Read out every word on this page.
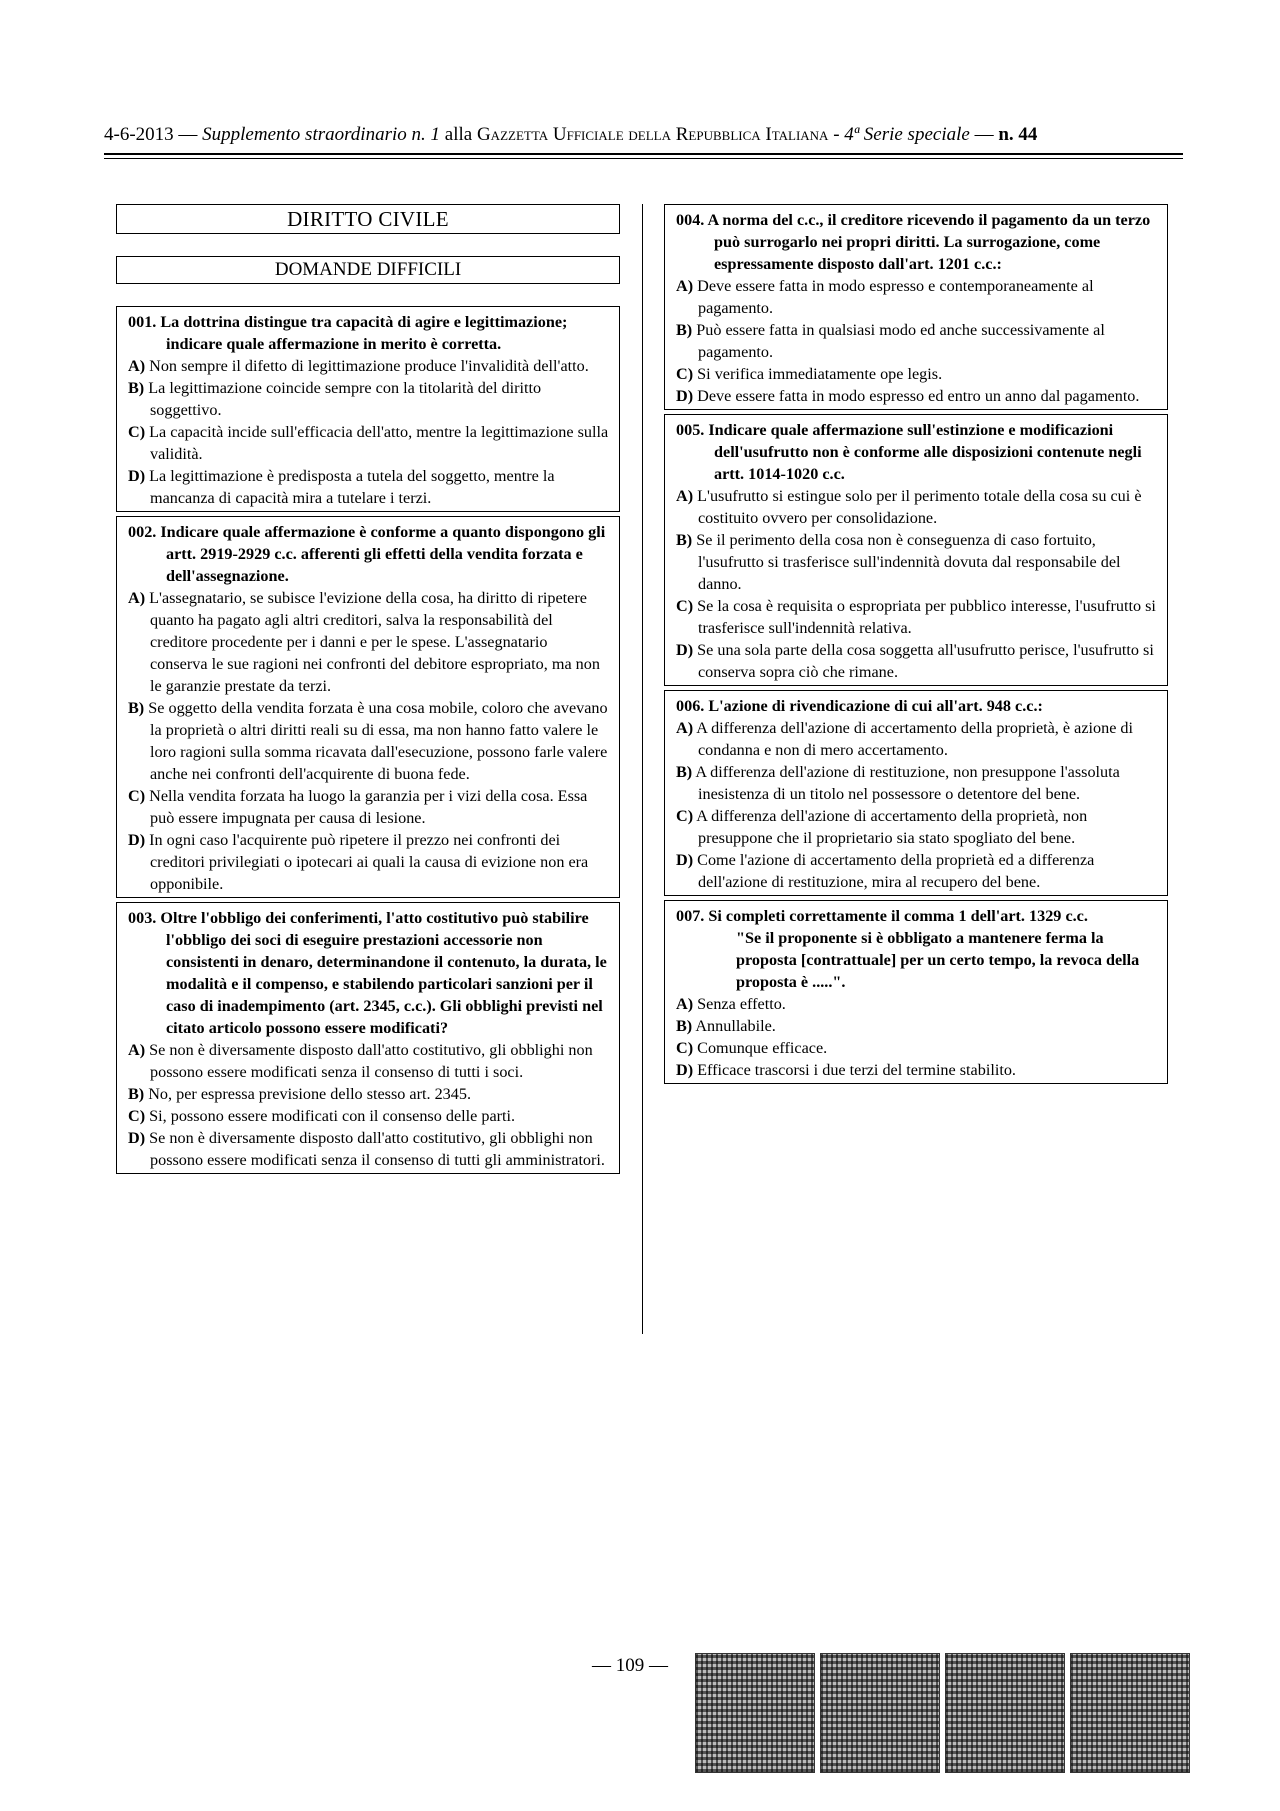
4-6-2013 — Supplemento straordinario n. 1 alla Gazzetta Ufficiale della Repubblica Italiana - 4ª Serie speciale — n. 44
DIRITTO CIVILE
DOMANDE DIFFICILI
001. La dottrina distingue tra capacità di agire e legittimazione; indicare quale affermazione in merito è corretta.
A) Non sempre il difetto di legittimazione produce l'invalidità dell'atto.
B) La legittimazione coincide sempre con la titolarità del diritto soggettivo.
C) La capacità incide sull'efficacia dell'atto, mentre la legittimazione sulla validità.
D) La legittimazione è predisposta a tutela del soggetto, mentre la mancanza di capacità mira a tutelare i terzi.
002. Indicare quale affermazione è conforme a quanto dispongono gli artt. 2919-2929 c.c. afferenti gli effetti della vendita forzata e dell'assegnazione.
A) L'assegnatario, se subisce l'evizione della cosa, ha diritto di ripetere quanto ha pagato agli altri creditori, salva la responsabilità del creditore procedente per i danni e per le spese. L'assegnatario conserva le sue ragioni nei confronti del debitore espropriato, ma non le garanzie prestate da terzi.
B) Se oggetto della vendita forzata è una cosa mobile, coloro che avevano la proprietà o altri diritti reali su di essa, ma non hanno fatto valere le loro ragioni sulla somma ricavata dall'esecuzione, possono farle valere anche nei confronti dell'acquirente di buona fede.
C) Nella vendita forzata ha luogo la garanzia per i vizi della cosa. Essa può essere impugnata per causa di lesione.
D) In ogni caso l'acquirente può ripetere il prezzo nei confronti dei creditori privilegiati o ipotecari ai quali la causa di evizione non era opponibile.
003. Oltre l'obbligo dei conferimenti, l'atto costitutivo può stabilire l'obbligo dei soci di eseguire prestazioni accessorie non consistenti in denaro, determinandone il contenuto, la durata, le modalità e il compenso, e stabilendo particolari sanzioni per il caso di inadempimento (art. 2345, c.c.). Gli obblighi previsti nel citato articolo possono essere modificati?
A) Se non è diversamente disposto dall'atto costitutivo, gli obblighi non possono essere modificati senza il consenso di tutti i soci.
B) No, per espressa previsione dello stesso art. 2345.
C) Si, possono essere modificati con il consenso delle parti.
D) Se non è diversamente disposto dall'atto costitutivo, gli obblighi non possono essere modificati senza il consenso di tutti gli amministratori.
004. A norma del c.c., il creditore ricevendo il pagamento da un terzo può surrogarlo nei propri diritti. La surrogazione, come espressamente disposto dall'art. 1201 c.c.:
A) Deve essere fatta in modo espresso e contemporaneamente al pagamento.
B) Può essere fatta in qualsiasi modo ed anche successivamente al pagamento.
C) Si verifica immediatamente ope legis.
D) Deve essere fatta in modo espresso ed entro un anno dal pagamento.
005. Indicare quale affermazione sull'estinzione e modificazioni dell'usufrutto non è conforme alle disposizioni contenute negli artt. 1014-1020 c.c.
A) L'usufrutto si estingue solo per il perimento totale della cosa su cui è costituito ovvero per consolidazione.
B) Se il perimento della cosa non è conseguenza di caso fortuito, l'usufrutto si trasferisce sull'indennità dovuta dal responsabile del danno.
C) Se la cosa è requisita o espropriata per pubblico interesse, l'usufrutto si trasferisce sull'indennità relativa.
D) Se una sola parte della cosa soggetta all'usufrutto perisce, l'usufrutto si conserva sopra ciò che rimane.
006. L'azione di rivendicazione di cui all'art. 948 c.c.:
A) A differenza dell'azione di accertamento della proprietà, è azione di condanna e non di mero accertamento.
B) A differenza dell'azione di restituzione, non presuppone l'assoluta inesistenza di un titolo nel possessore o detentore del bene.
C) A differenza dell'azione di accertamento della proprietà, non presuppone che il proprietario sia stato spogliato del bene.
D) Come l'azione di accertamento della proprietà ed a differenza dell'azione di restituzione, mira al recupero del bene.
007. Si completi correttamente il comma 1 dell'art. 1329 c.c.
"Se il proponente si è obbligato a mantenere ferma la proposta [contrattuale] per un certo tempo, la revoca della proposta è .....".
A) Senza effetto.
B) Annullabile.
C) Comunque efficace.
D) Efficace trascorsi i due terzi del termine stabilito.
— 109 —
